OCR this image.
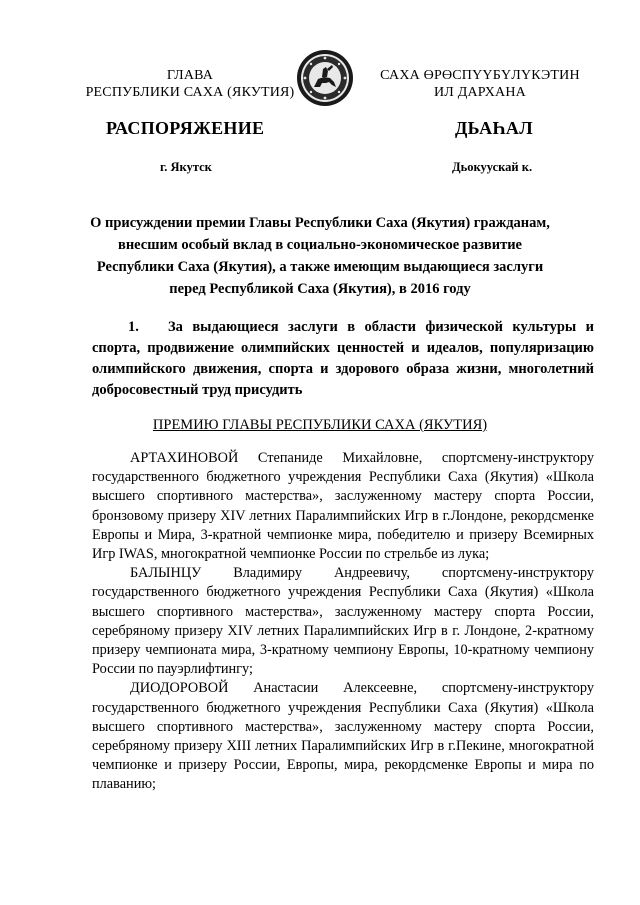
ГЛАВА
РЕСПУБЛИКИ САХА (ЯКУТИЯ)
САХА ӨРӨСПҮҮБҮЛҮКЭТИН
ИЛ ДАРХАНА
РАСПОРЯЖЕНИЕ	ДЬАҺАЛ
г. Якутск	Дьокуускай к.
О присуждении премии Главы Республики Саха (Якутия) гражданам, внесшим особый вклад в социально-экономическое развитие Республики Саха (Якутия), а также имеющим выдающиеся заслуги перед Республикой Саха (Якутия), в 2016 году
1. За выдающиеся заслуги в области физической культуры и спорта, продвижение олимпийских ценностей и идеалов, популяризацию олимпийского движения, спорта и здорового образа жизни, многолетний добросовестный труд присудить
ПРЕМИЮ ГЛАВЫ РЕСПУБЛИКИ САХА (ЯКУТИЯ)

АРТАХИНОВОЙ Степаниде Михайловне, спортсмену-инструктору государственного бюджетного учреждения Республики Саха (Якутия) «Школа высшего спортивного мастерства», заслуженному мастеру спорта России, бронзовому призеру XIV летних Паралимпийских Игр в г.Лондоне, рекордсменке Европы и Мира, 3-кратной чемпионке мира, победителю и призеру Всемирных Игр IWAS, многократной чемпионке России по стрельбе из лука;

БАЛЫНЦУ Владимиру Андреевичу, спортсмену-инструктору государственного бюджетного учреждения Республики Саха (Якутия) «Школа высшего спортивного мастерства», заслуженному мастеру спорта России, серебряному призеру XIV летних Паралимпийских Игр в г. Лондоне, 2-кратному призеру чемпионата мира, 3-кратному чемпиону Европы, 10-кратному чемпиону России по пауэрлифтингу;

ДИОДОРОВОЙ Анастасии Алексеевне, спортсмену-инструктору государственного бюджетного учреждения Республики Саха (Якутия) «Школа высшего спортивного мастерства», заслуженному мастеру спорта России, серебряному призеру XIII летних Паралимпийских Игр в г.Пекине, многократной чемпионке и призеру России, Европы, мира, рекордсменке Европы и мира по плаванию;
